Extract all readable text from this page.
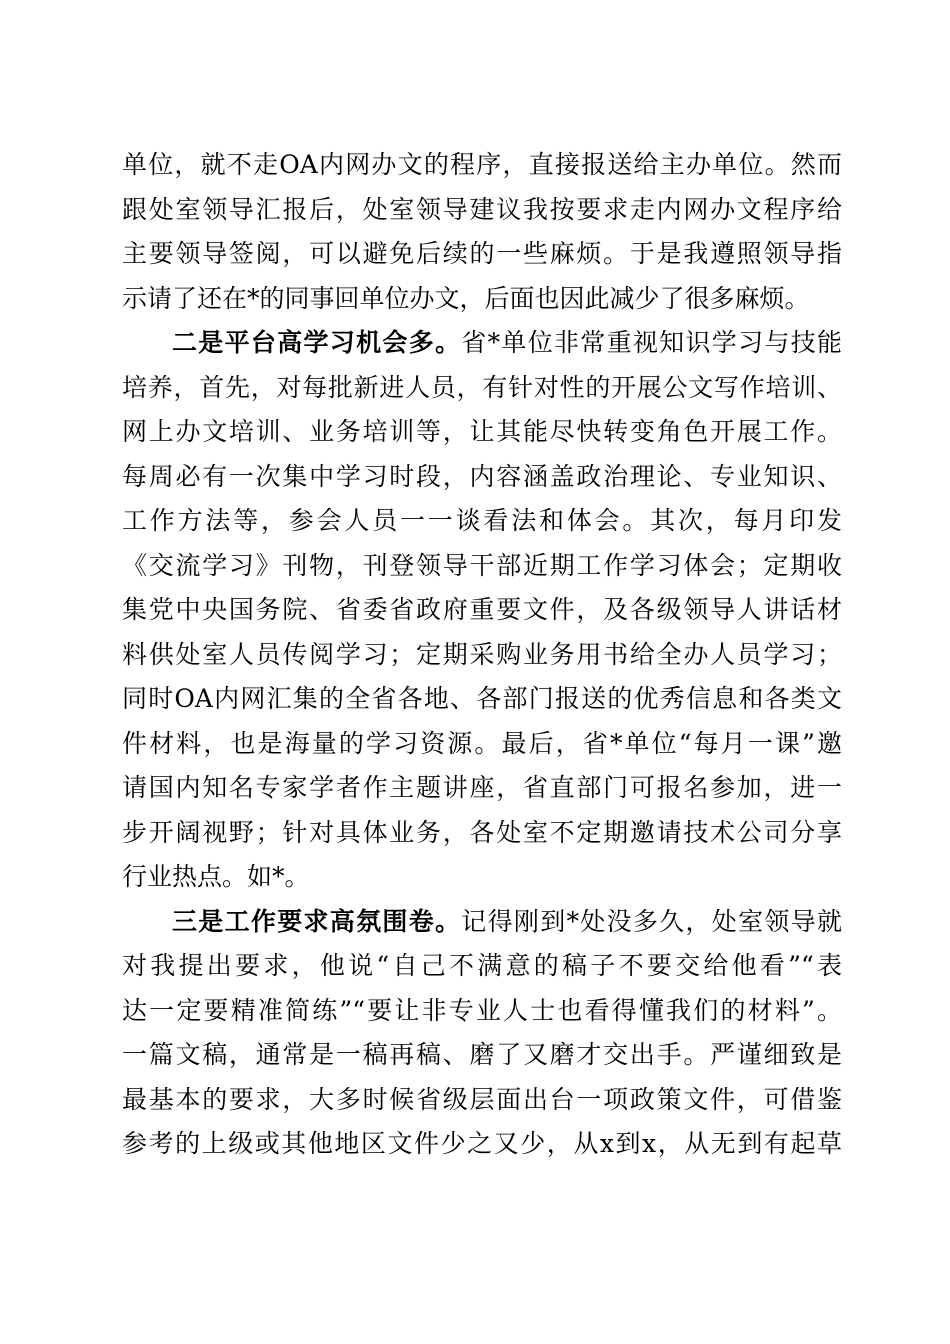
单位，就不走OA内网办文的程序，直接报送给主办单位。然而
跟处室领导汇报后，处室领导建议我按要求走内网办文程序给
主要领导签阅，可以避免后续的一些麻烦。于是我遵照领导指
示请了还在*的同事回单位办文，后面也因此减少了很多麻烦。
二是平台高学习机会多。省*单位非常重视知识学习与技能
培养，首先，对每批新进人员，有针对性的开展公文写作培训、
网上办文培训、业务培训等，让其能尽快转变角色开展工作。
每周必有一次集中学习时段，内容涵盖政治理论、专业知识、
工作方法等，参会人员一一谈看法和体会。其次，每月印发
《交流学习》刊物，刊登领导干部近期工作学习体会；定期收
集党中央国务院、省委省政府重要文件，及各级领导人讲话材
料供处室人员传阅学习；定期采购业务用书给全办人员学习；
同时OA内网汇集的全省各地、各部门报送的优秀信息和各类文
件材料，也是海量的学习资源。最后，省*单位“每月一课”邀
请国内知名专家学者作主题讲座，省直部门可报名参加，进一
步开阔视野；针对具体业务，各处室不定期邀请技术公司分享
行业热点。如*。
三是工作要求高氛围卷。记得刚到*处没多久，处室领导就
对我提出要求，他说“自己不满意的稿子不要交给他看”“表
达一定要精准简练”“要让非专业人士也看得懂我们的材料”。
一篇文稿，通常是一稿再稿、磨了又磨才交出手。严谨细致是
最基本的要求，大多时候省级层面出台一项政策文件，可借鉴
参考的上级或其他地区文件少之又少，从x到x，从无到有起草
